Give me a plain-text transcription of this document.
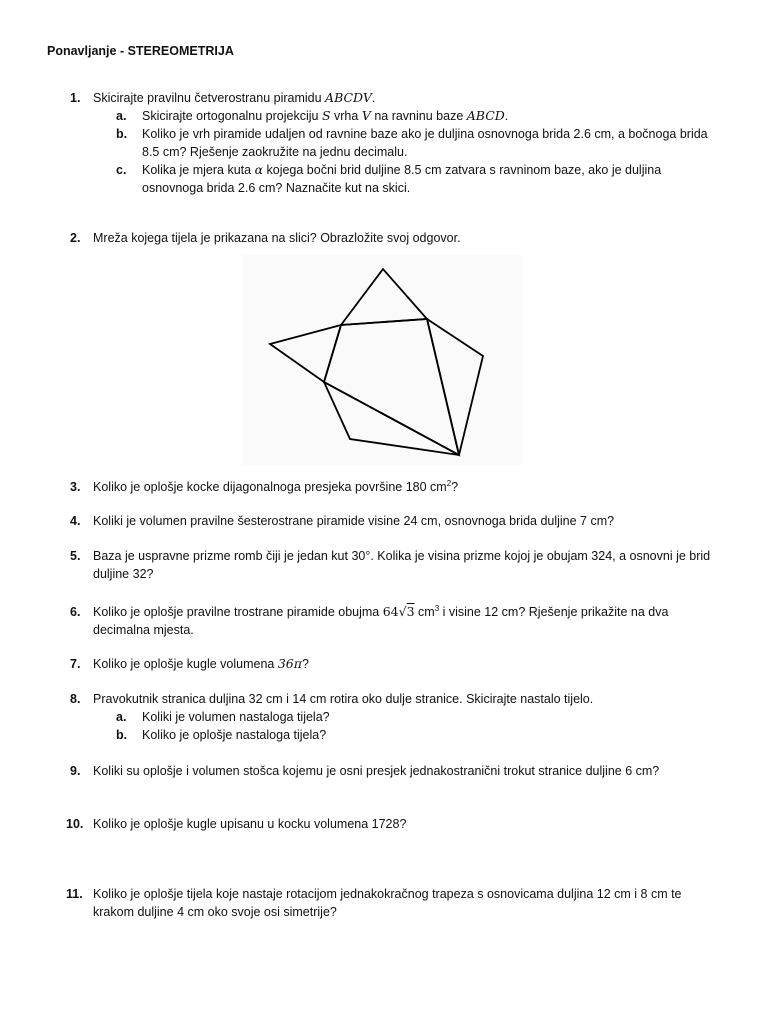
Ponavljanje - STEREOMETRIJA
1. Skicirajte pravilnu četverostranu piramidu ABCDV.
a. Skicirajte ortogonalnu projekciju S vrha V na ravninu baze ABCD.
b. Koliko je vrh piramide udaljen od ravnine baze ako je duljina osnovnoga brida 2.6 cm, a bočnoga brida 8.5 cm? Rješenje zaokružite na jednu decimalu.
c. Kolika je mjera kuta α kojega bočni brid duljine 8.5 cm zatvara s ravninom baze, ako je duljina osnovnoga brida 2.6 cm? Naznačite kut na skici.
2. Mreža kojega tijela je prikazana na slici? Obrazložite svoj odgovor.
3. Koliko je oplošje kocke dijagonalnoga presjeka površine 180 $cm^2$?
4. Koliki je volumen pravilne šesterostrane piramide visine 24 cm, osnovnoga brida duljine 7 cm?
5. Baza je uspravne prizme romb čiji je jedan kut 30°. Kolika je visina prizme kojoj je obujam 324, a osnovni je brid duljine 32?
6. Koliko je oplošje pravilne trostrane piramide obujma 64√3 $cm^3$ i visine 12 cm? Rješenje prikažite na dva decimalna mjesta.
7. Koliko je oplošje kugle volumena 36π?
8. Pravokutnik stranica duljina 32 cm i 14 cm rotira oko dulje stranice. Skicirajte nastalo tijelo.
a. Koliki je volumen nastaloga tijela?
b. Koliko je oplošje nastaloga tijela?
9. Koliki su oplošje i volumen stošca kojemu je osni presjek jednakostranični trokut stranice duljine 6 cm?
10. Koliko je oplošje kugle upisanu u kocku volumena 1728?
11. Koliko je oplošje tijela koje nastaje rotacijom jednakokračnog trapeza s osnovicama duljina 12 cm i 8 cm te krakom duljine 4 cm oko svoje osi simetrije?
